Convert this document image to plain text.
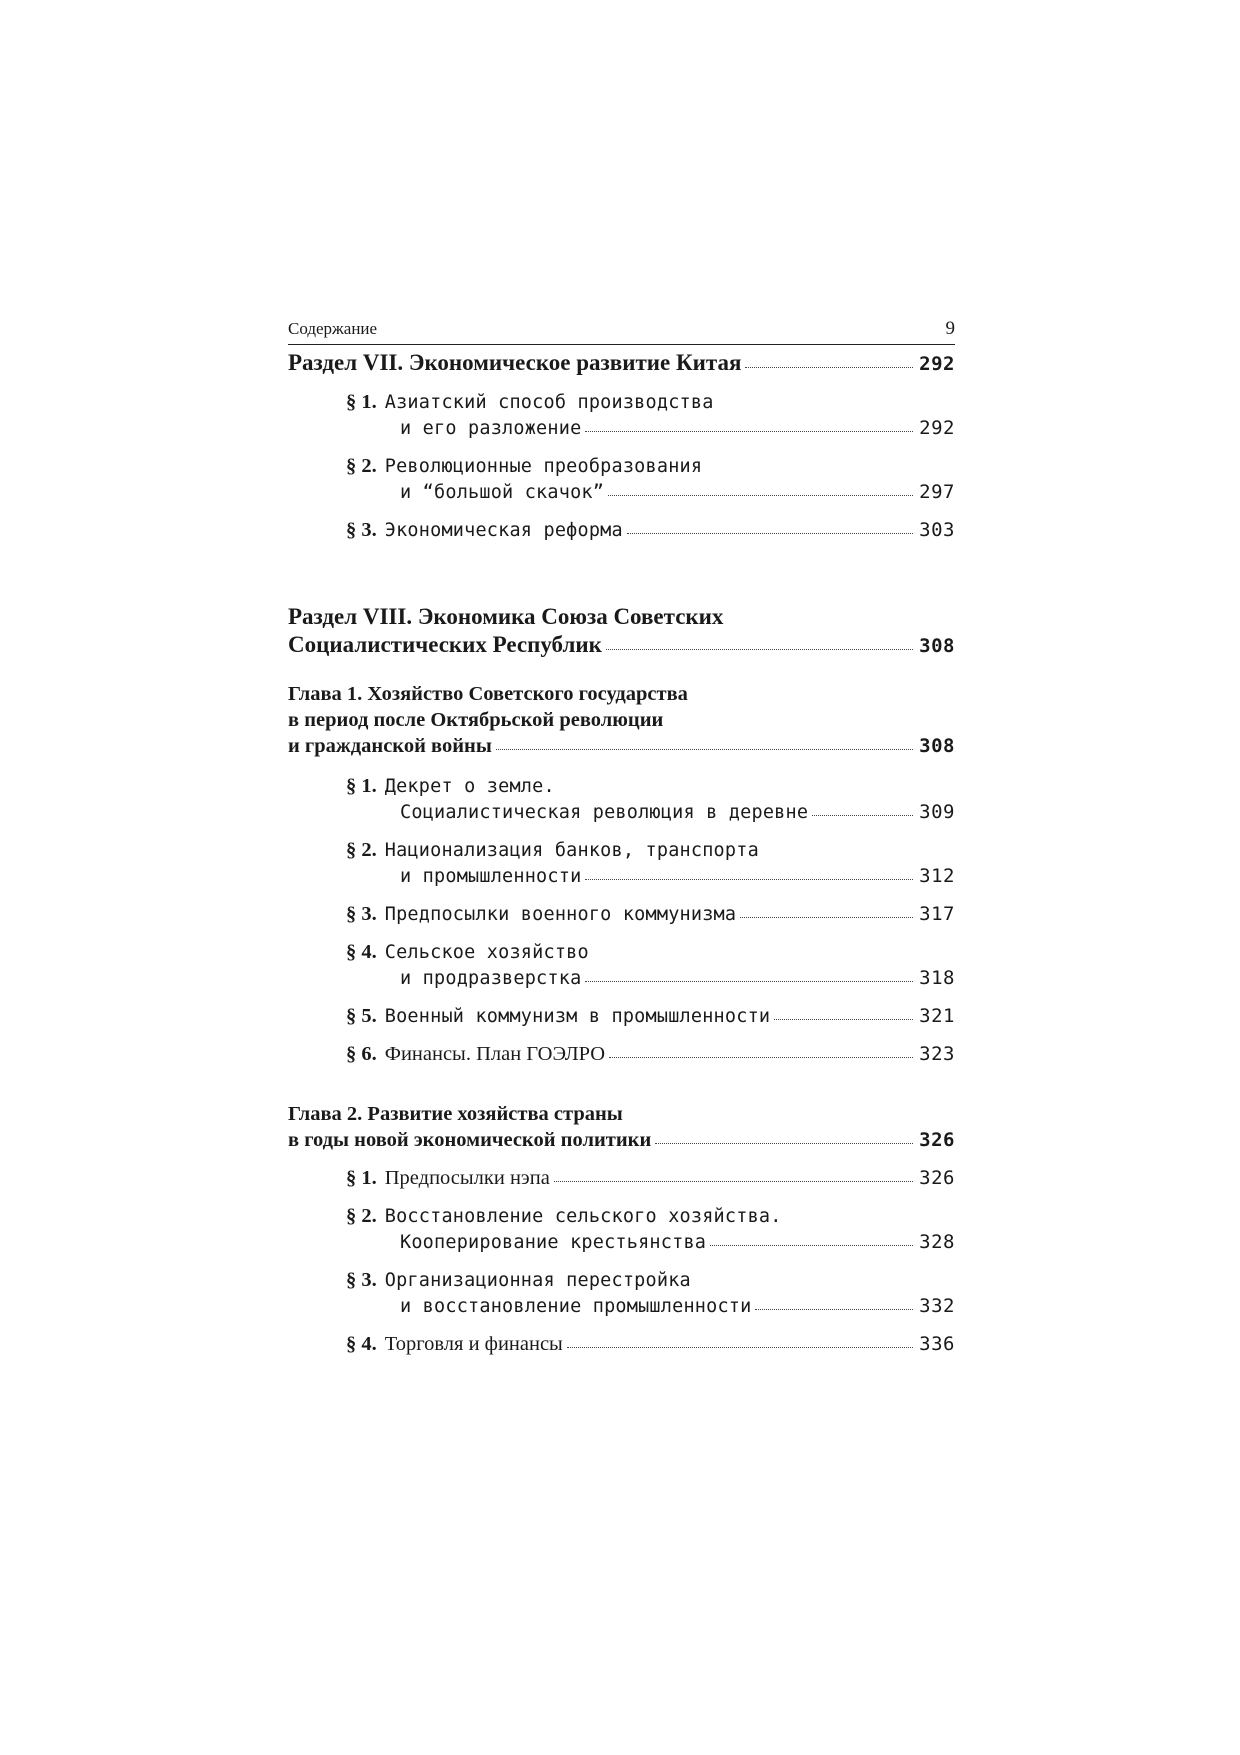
Содержание	9
Раздел VII. Экономическое развитие Китая	292
§ 1. Азиатский способ производства
и его разложение	292
§ 2. Революционные преобразования
и “большой скачок”	297
§ 3. Экономическая реформа	303
Раздел VIII. Экономика Союза Советских
Социалистических Республик	308
Глава 1. Хозяйство Советского государства
в период после Октябрьской революции
и гражданской войны	308
§ 1. Декрет о земле.
Социалистическая революция в деревне	309
§ 2. Национализация банков, транспорта
и промышленности	312
§ 3. Предпосылки военного коммунизма	317
§ 4. Сельское хозяйство
и продразверстка	318
§ 5. Военный коммунизм в промышленности	321
§ 6. Финансы. План ГОЭЛРО	323
Глава 2. Развитие хозяйства страны
в годы новой экономической политики	326
§ 1. Предпосылки нэпа	326
§ 2. Восстановление сельского хозяйства.
Кооперирование крестьянства	328
§ 3. Организационная перестройка
и восстановление промышленности	332
§ 4. Торговля и финансы	336
